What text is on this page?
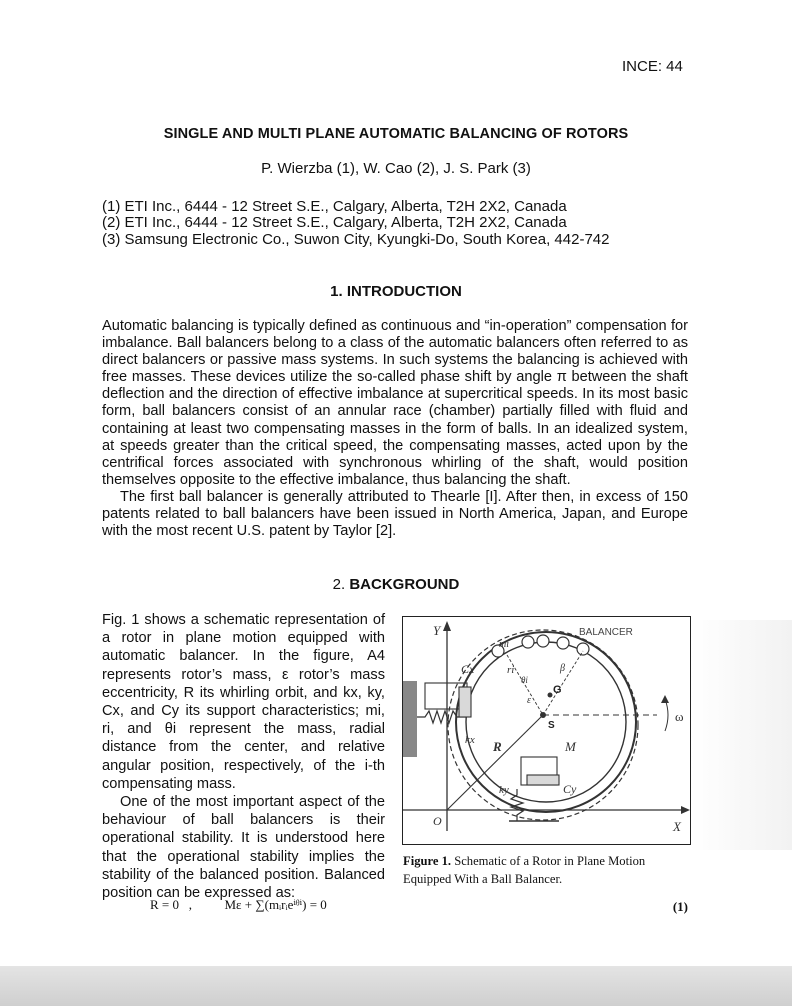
INCE: 44
SINGLE AND MULTI PLANE AUTOMATIC BALANCING OF ROTORS
P. Wierzba (1), W. Cao (2), J. S. Park (3)
(1) ETI Inc., 6444 - 12 Street S.E., Calgary, Alberta, T2H 2X2, Canada
(2) ETI Inc., 6444 - 12 Street S.E., Calgary, Alberta, T2H 2X2, Canada
(3) Samsung Electronic Co., Suwon City, Kyungki-Do, South Korea, 442-742
1. INTRODUCTION

Automatic balancing is typically defined as continuous and “in-operation” compensation for imbalance. Ball balancers belong to a class of the automatic balancers often referred to as direct balancers or passive mass systems. In such systems the balancing is achieved with free masses. These devices utilize the so-called phase shift by angle π between the shaft deflection and the direction of effective imbalance at supercritical speeds. In its most basic form, ball balancers consist of an annular race (chamber) partially filled with fluid and containing at least two compensating masses in the form of balls. In an idealized system, at speeds greater than the critical speed, the compensating masses, acted upon by the centrifical forces associated with synchronous whirling of the shaft, would position themselves opposite to the effective imbalance, thus balancing the shaft.

The first ball balancer is generally attributed to Thearle [I]. After then, in excess of 150 patents related to ball balancers have been issued in North America, Japan, and Europe with the most recent U.S. patent by Taylor [2].

2. BACKGROUND

Fig. 1 shows a schematic representation of a rotor in plane motion equipped with automatic balancer. In the figure, A4 represents rotor’s mass, ε rotor’s mass eccentricity, R its whirling orbit, and kx, ky, Cx, and Cy its support characteristics; mi, ri, and θi represent the mass, radial distance from the center, and relative angular position, respectively, of the i-th compensating mass.

One of the most important aspect of the behaviour of ball balancers is their operational stability. It is understood here that the operational stability implies the stability of the balanced position. Balanced position can be expressed as:

Y
X
O
BALANCER
mi
ri
θi
β
ε
G
S
R	M
ω
Cx
kx
ky	Cy
Figure 1. Schematic of a Rotor in Plane Motion Equipped With a Ball Balancer.
R = 0   ,          Mε + ∑(mᵢrᵢeⁱᶿⁱ) = 0	(1)
